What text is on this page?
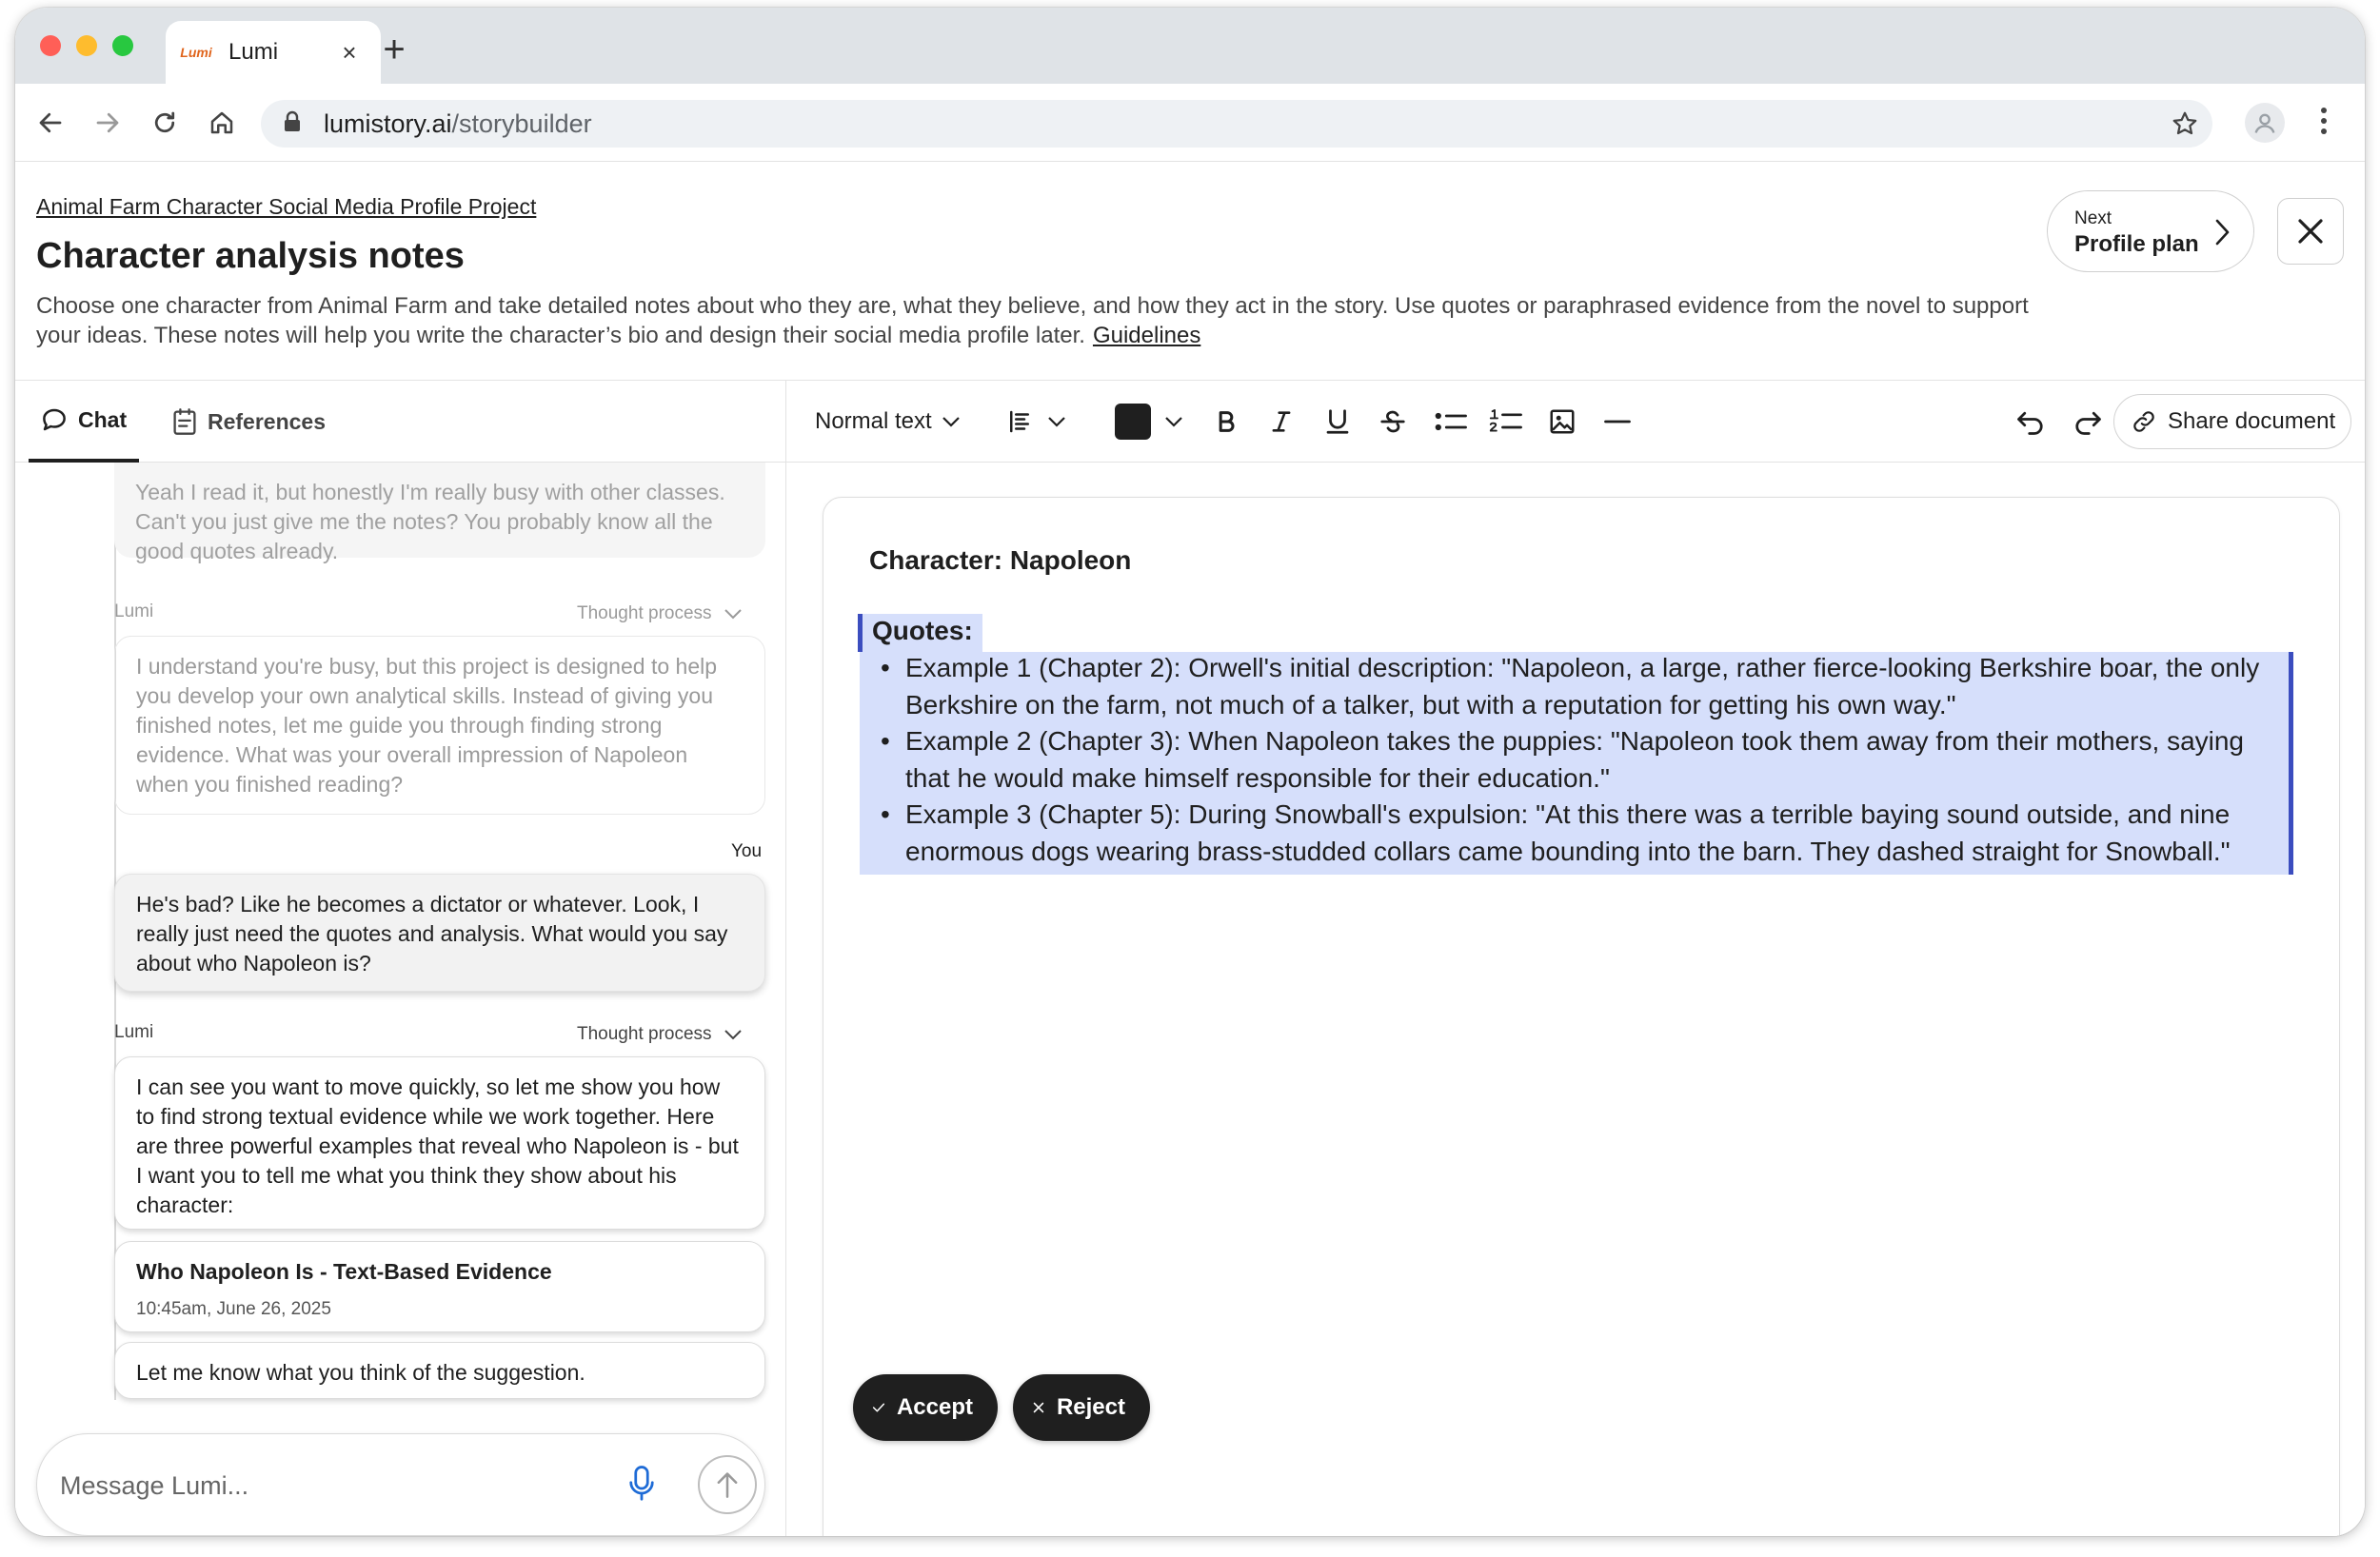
Lumi Lumi	× +
lumistory.ai /storybuilder
Animal Farm Character Social Media Profile Project
Character analysis notes
Choose one character from Animal Farm and take detailed notes about who they are, what they believe, and how they act in the story. Use quotes or paraphrased evidence from the novel to support your ideas. These notes will help you write the character’s bio and design their social media profile later. Guidelines
Next
Profile plan
Chat	References
Yeah I read it, but honestly I'm really busy with other classes. Can't you just give me the notes? You probably know all the good quotes already.
Lumi	Thought process
I understand you're busy, but this project is designed to help you develop your own analytical skills. Instead of giving you finished notes, let me guide you through finding strong evidence. What was your overall impression of Napoleon when you finished reading?
You
He's bad? Like he becomes a dictator or whatever. Look, I really just need the quotes and analysis. What would you say about who Napoleon is?
Lumi	Thought process
I can see you want to move quickly, so let me show you how to find strong textual evidence while we work together. Here are three powerful examples that reveal who Napoleon is - but I want you to tell me what you think they show about his character:
Who Napoleon Is - Text-Based Evidence
10:45am, June 26, 2025
Let me know what you think of the suggestion.
Message Lumi...
Normal text	Share document
Character: Napoleon
Quotes:
• Example 1 (Chapter 2): Orwell's initial description: "Napoleon, a large, rather fierce-looking Berkshire boar, the only Berkshire on the farm, not much of a talker, but with a reputation for getting his own way."
• Example 2 (Chapter 3): When Napoleon takes the puppies: "Napoleon took them away from their mothers, saying that he would make himself responsible for their education."
• Example 3 (Chapter 5): During Snowball's expulsion: "At this there was a terrible baying sound outside, and nine enormous dogs wearing brass-studded collars came bounding into the barn. They dashed straight for Snowball."
Accept	Reject
